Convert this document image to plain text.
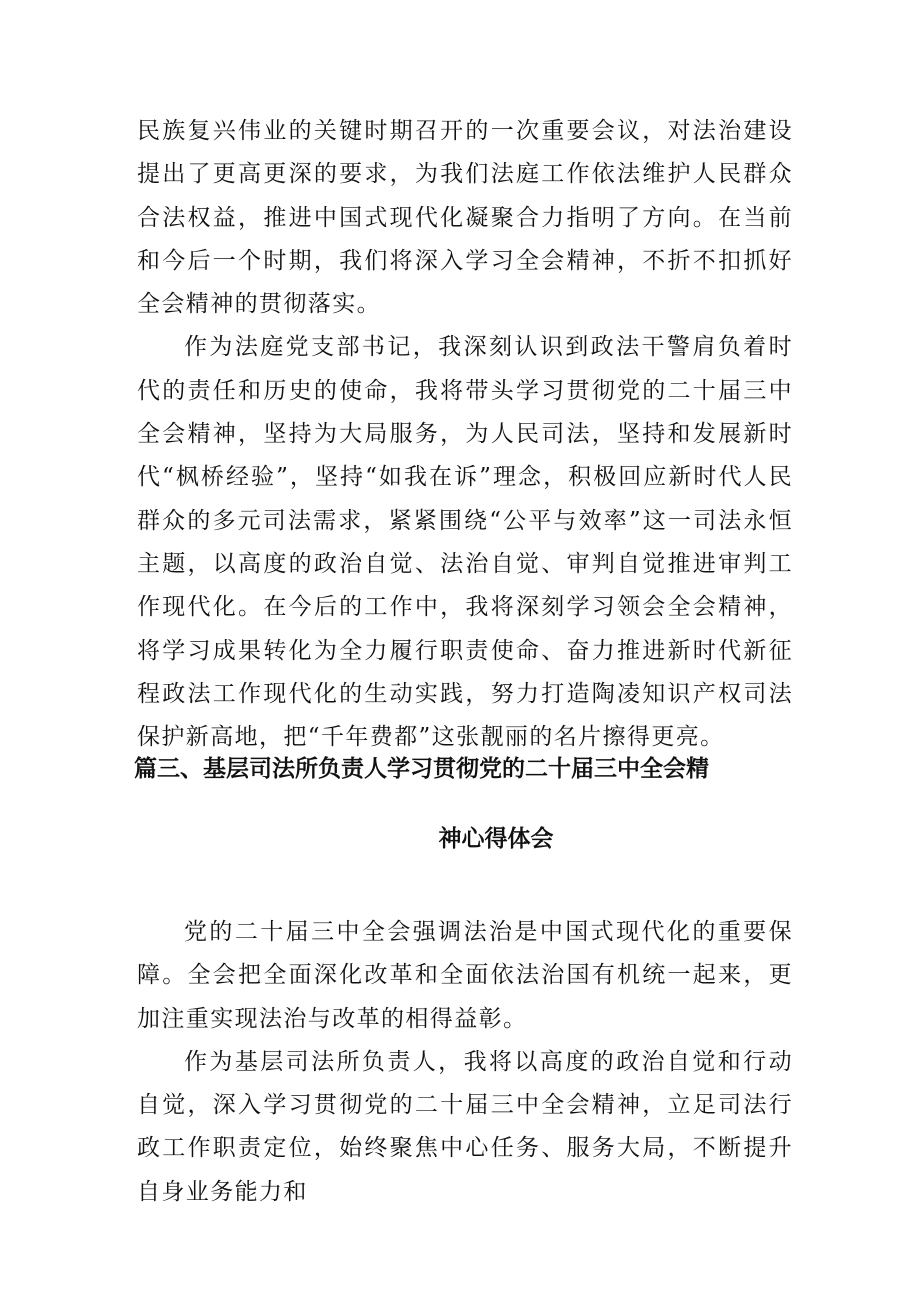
民族复兴伟业的关键时期召开的一次重要会议，对法治建设提出了更高更深的要求，为我们法庭工作依法维护人民群众合法权益，推进中国式现代化凝聚合力指明了方向。在当前和今后一个时期，我们将深入学习全会精神，不折不扣抓好全会精神的贯彻落实。

作为法庭党支部书记，我深刻认识到政法干警肩负着时代的责任和历史的使命，我将带头学习贯彻党的二十届三中全会精神，坚持为大局服务，为人民司法，坚持和发展新时代“枫桥经验”，坚持“如我在诉”理念，积极回应新时代人民群众的多元司法需求，紧紧围绕“公平与效率”这一司法永恒主题，以高度的政治自觉、法治自觉、审判自觉推进审判工作现代化。在今后的工作中，我将深刻学习领会全会精神，将学习成果转化为全力履行职责使命、奋力推进新时代新征程政法工作现代化的生动实践，努力打造陶凌知识产权司法保护新高地，把“千年费都”这张靓丽的名片擦得更亮。

篇三、基层司法所负责人学习贯彻党的二十届三中全会精
神心得体会

党的二十届三中全会强调法治是中国式现代化的重要保障。全会把全面深化改革和全面依法治国有机统一起来，更加注重实现法治与改革的相得益彰。

作为基层司法所负责人，我将以高度的政治自觉和行动自觉，深入学习贯彻党的二十届三中全会精神，立足司法行政工作职责定位，始终聚焦中心任务、服务大局，不断提升自身业务能力和
